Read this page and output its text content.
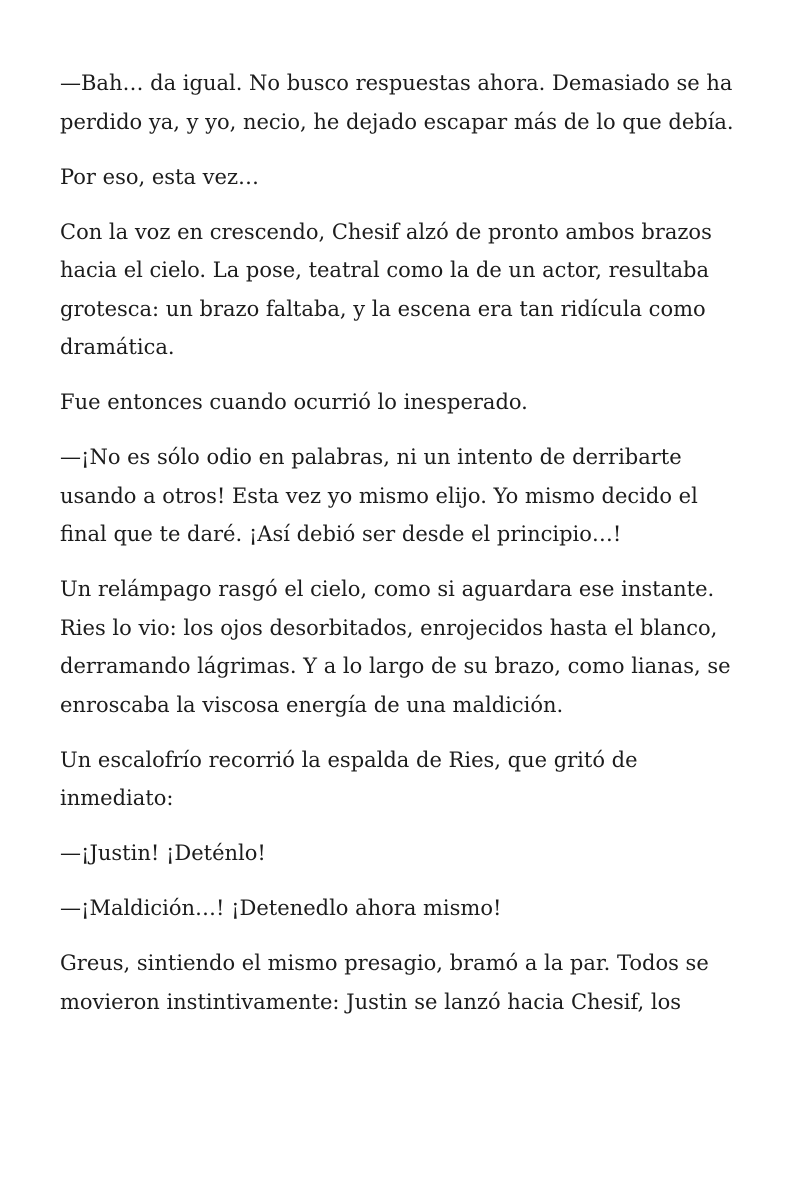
—Bah… da igual. No busco respuestas ahora. Demasiado se ha perdido ya, y yo, necio, he dejado escapar más de lo que debía.

Por eso, esta vez…

Con la voz en crescendo, Chesif alzó de pronto ambos brazos hacia el cielo. La pose, teatral como la de un actor, resultaba grotesca: un brazo faltaba, y la escena era tan ridícula como dramática.

Fue entonces cuando ocurrió lo inesperado.

—¡No es sólo odio en palabras, ni un intento de derribarte usando a otros! Esta vez yo mismo elijo. Yo mismo decido el final que te daré. ¡Así debió ser desde el principio…!

Un relámpago rasgó el cielo, como si aguardara ese instante. Ries lo vio: los ojos desorbitados, enrojecidos hasta el blanco, derramando lágrimas. Y a lo largo de su brazo, como lianas, se enroscaba la viscosa energía de una maldición.

Un escalofrío recorrió la espalda de Ries, que gritó de inmediato:

—¡Justin! ¡Deténlo!

—¡Maldición…! ¡Detenedlo ahora mismo!

Greus, sintiendo el mismo presagio, bramó a la par. Todos se movieron instintivamente: Justin se lanzó hacia Chesif, los
